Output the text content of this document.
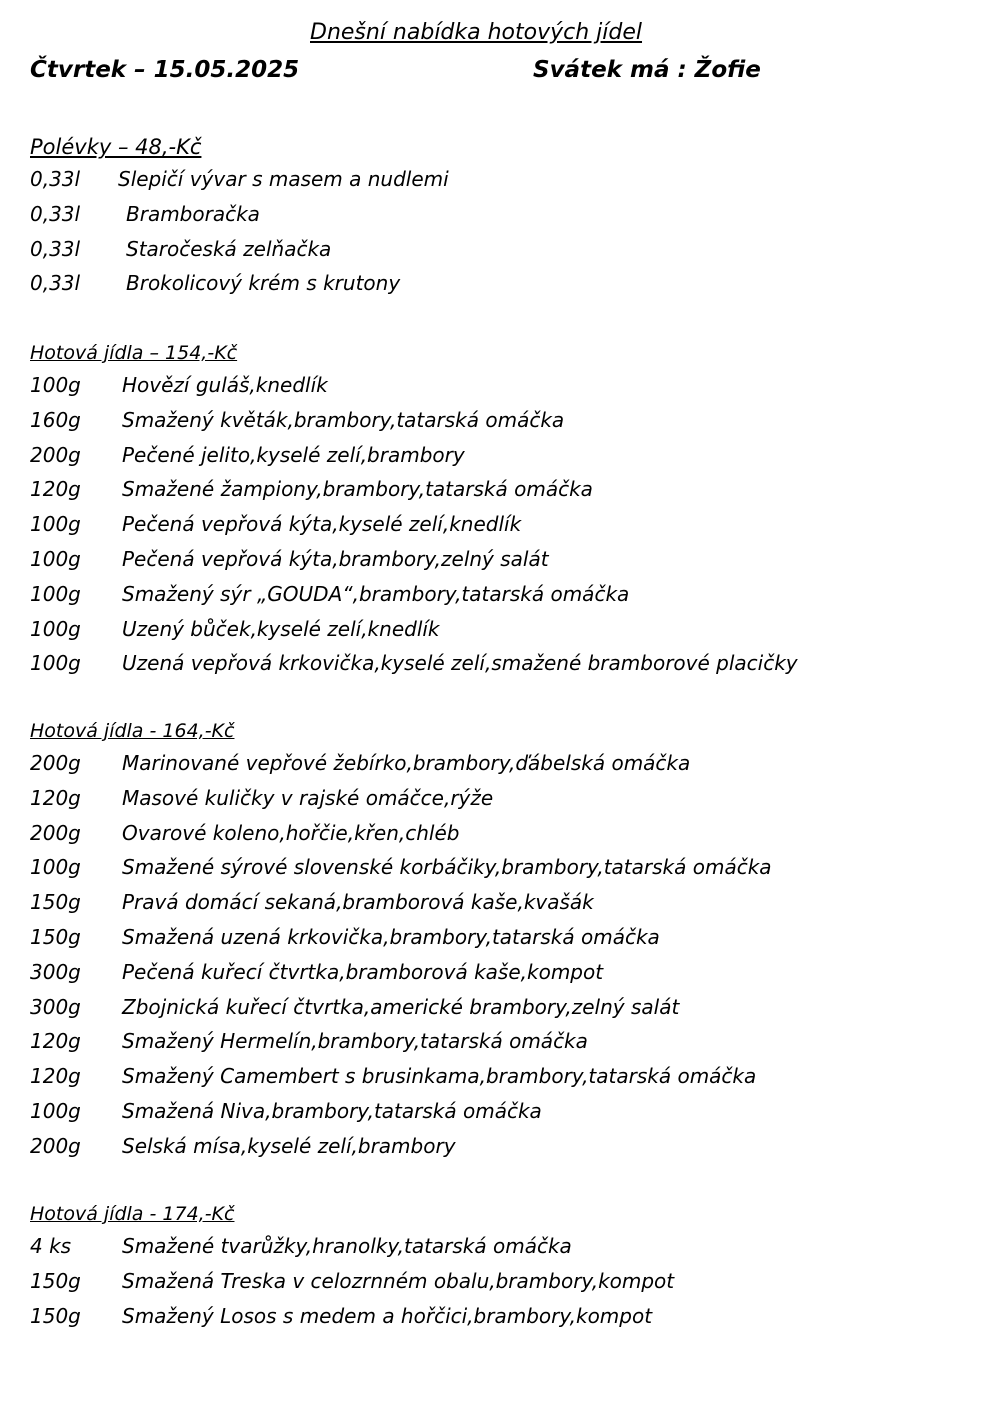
Dnešní nabídka hotových jídel
Čtvrtek – 15.05.2025	Svátek má : Žofie
Polévky – 48,-Kč
0,33l Slepičí vývar s masem a nudlemi
0,33l Bramboračka
0,33l Staročeská zelňačka
0,33l Brokolicový krém s krutony
Hotová jídla – 154,-Kč
100g Hovězí guláš,knedlík
160g Smažený květák,brambory,tatarská omáčka
200g Pečené jelito,kyselé zelí,brambory
120g Smažené žampiony,brambory,tatarská omáčka
100g Pečená vepřová kýta,kyselé zelí,knedlík
100g Pečená vepřová kýta,brambory,zelný salát
100g Smažený sýr „GOUDA“,brambory,tatarská omáčka
100g Uzený bůček,kyselé zelí,knedlík
100g Uzená vepřová krkovička,kyselé zelí,smažené bramborové placičky
Hotová jídla - 164,-Kč
200g Marinované vepřové žebírko,brambory,ďábelská omáčka
120g Masové kuličky v rajské omáčce,rýže
200g Ovarové koleno,hořčie,křen,chléb
100g Smažené sýrové slovenské korbáčiky,brambory,tatarská omáčka
150g Pravá domácí sekaná,bramborová kaše,kvašák
150g Smažená uzená krkovička,brambory,tatarská omáčka
300g Pečená kuřecí čtvrtka,bramborová kaše,kompot
300g Zbojnická kuřecí čtvrtka,americké brambory,zelný salát
120g Smažený Hermelín,brambory,tatarská omáčka
120g Smažený Camembert s brusinkama,brambory,tatarská omáčka
100g Smažená Niva,brambory,tatarská omáčka
200g Selská mísa,kyselé zelí,brambory
Hotová jídla - 174,-Kč
4 ks	Smažené tvarůžky,hranolky,tatarská omáčka
150g Smažená Treska v celozrnném obalu,brambory,kompot
150g Smažený Losos s medem a hořčici,brambory,kompot
